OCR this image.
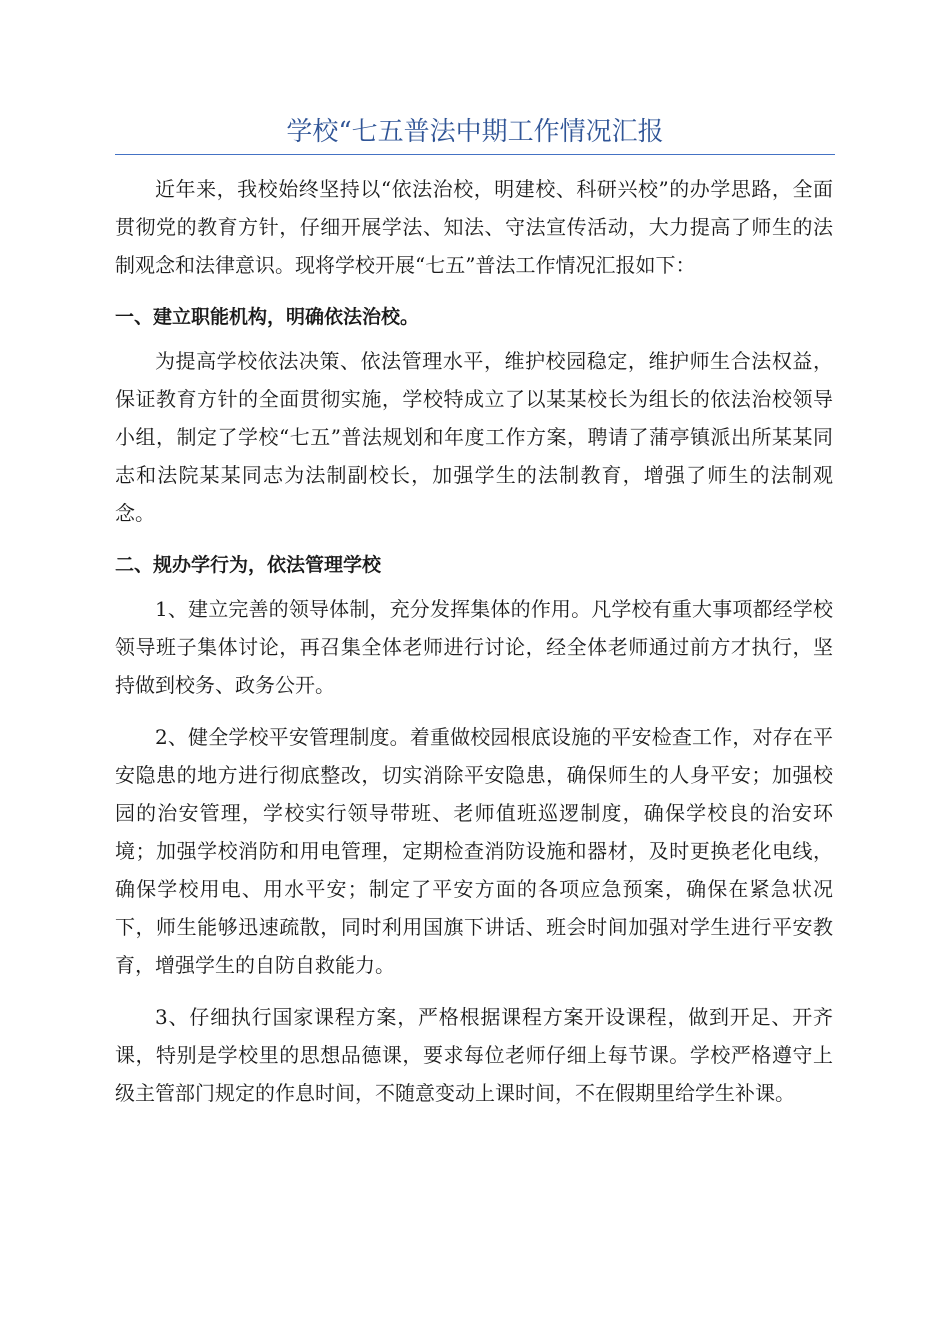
学校“七五普法中期工作情况汇报

近年来，我校始终坚持以“依法治校，明建校、科研兴校”的办学思路，全面贯彻党的教育方针，仔细开展学法、知法、守法宣传活动，大力提高了师生的法制观念和法律意识。现将学校开展“七五”普法工作情况汇报如下：

一、建立职能机构，明确依法治校。

为提高学校依法决策、依法管理水平，维护校园稳定，维护师生合法权益，保证教育方针的全面贯彻实施，学校特成立了以某某校长为组长的依法治校领导小组，制定了学校“七五”普法规划和年度工作方案，聘请了蒲亭镇派出所某某同志和法院某某同志为法制副校长，加强学生的法制教育，增强了师生的法制观念。

二、规办学行为，依法管理学校

1、建立完善的领导体制，充分发挥集体的作用。凡学校有重大事项都经学校领导班子集体讨论，再召集全体老师进行讨论，经全体老师通过前方才执行，坚持做到校务、政务公开。

2、健全学校平安管理制度。着重做校园根底设施的平安检查工作，对存在平安隐患的地方进行彻底整改，切实消除平安隐患，确保师生的人身平安；加强校园的治安管理，学校实行领导带班、老师值班巡逻制度，确保学校良的治安环境；加强学校消防和用电管理，定期检查消防设施和器材，及时更换老化电线，确保学校用电、用水平安；制定了平安方面的各项应急预案，确保在紧急状况下，师生能够迅速疏散，同时利用国旗下讲话、班会时间加强对学生进行平安教育，增强学生的自防自救能力。

3、仔细执行国家课程方案，严格根据课程方案开设课程，做到开足、开齐课，特别是学校里的思想品德课，要求每位老师仔细上每节课。学校严格遵守上级主管部门规定的作息时间，不随意变动上课时间，不在假期里给学生补课。
